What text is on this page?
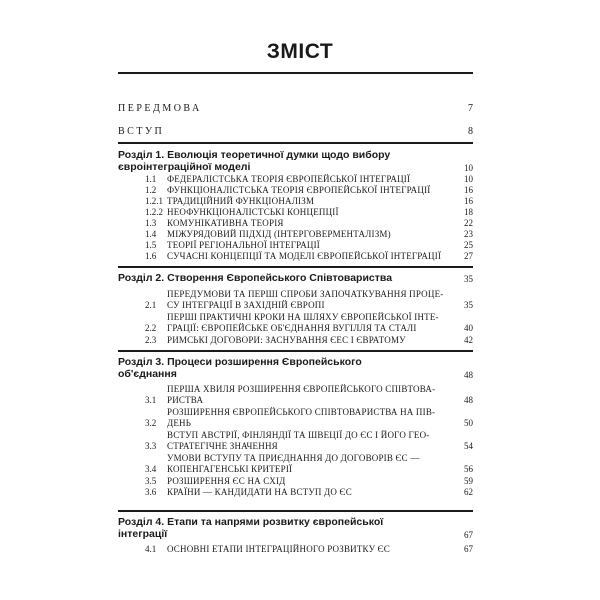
ЗМІСТ
ПЕРЕДМОВА	7
ВСТУП	8
Розділ 1. Еволюція теоретичної думки щодо вибору
євроінтеграційної моделі	10
1.1	ФЕДЕРАЛІСТСЬКА ТЕОРІЯ ЄВРОПЕЙСЬКОЇ ІНТЕГРАЦІЇ	10
1.2	ФУНКЦІОНАЛІСТСЬКА ТЕОРІЯ ЄВРОПЕЙСЬКОЇ ІНТЕГРАЦІЇ	16
1.2.1 ТРАДИЦІЙНИЙ ФУНКЦІОНАЛІЗМ	16
1.2.2 НЕОФУНКЦІОНАЛІСТСЬКІ КОНЦЕПЦІЇ	18
1.3	КОМУНІКАТИВНА ТЕОРІЯ	22
1.4	МІЖУРЯДОВИЙ ПІДХІД (ІНТЕРГОВЕРМЕНТАЛІЗМ)	23
1.5	ТЕОРІЇ РЕГІОНАЛЬНОЇ ІНТЕГРАЦІЇ	25
1.6	СУЧАСНІ КОНЦЕПЦІЇ ТА МОДЕЛІ ЄВРОПЕЙСЬКОЇ ІНТЕГРАЦІЇ	27
Розділ 2. Створення Європейського Співтовариства	35
2.1
ПЕРЕДУМОВИ ТА ПЕРШІ СПРОБИ ЗАПОЧАТКУВАННЯ ПРОЦЕ-
СУ ІНТЕГРАЦІЇ В ЗАХІДНІЙ ЄВРОПІ	35
2.2
ПЕРШІ ПРАКТИЧНІ КРОКИ НА ШЛЯХУ ЄВРОПЕЙСЬКОЇ ІНТЕ-
ГРАЦІЇ: ЄВРОПЕЙСЬКЕ ОБ'ЄДНАННЯ ВУГІЛЛЯ ТА СТАЛІ	40
2.3	РИМСЬКІ ДОГОВОРИ: ЗАСНУВАННЯ ЄЕС І ЄВРАТОМУ	42
Розділ 3. Процеси розширення Європейського
об'єднання	48
3.1
ПЕРША ХВИЛЯ РОЗШИРЕННЯ ЄВРОПЕЙСЬКОГО СПІВТОВА-
РИСТВА	48
3.2
РОЗШИРЕННЯ ЄВРОПЕЙСЬКОГО СПІВТОВАРИСТВА НА ПІВ-
ДЕНЬ	50
3.3
ВСТУП АВСТРІЇ, ФІНЛЯНДІЇ ТА ШВЕЦІЇ ДО ЄС І ЙОГО ГЕО-
СТРАТЕГІЧНЕ ЗНАЧЕННЯ	54
3.4
УМОВИ ВСТУПУ ТА ПРИЄДНАННЯ ДО ДОГОВОРІВ ЄС —
КОПЕНГАГЕНСЬКІ КРИТЕРІЇ	56
3.5	РОЗШИРЕННЯ ЄС НА СХІД	59
3.6	КРАЇНИ — КАНДИДАТИ НА ВСТУП ДО ЄС	62
Розділ 4. Етапи та напрями розвитку європейської
інтеграції	67
4.1	ОСНОВНІ ЕТАПИ ІНТЕГРАЦІЙНОГО РОЗВИТКУ ЄС	67
